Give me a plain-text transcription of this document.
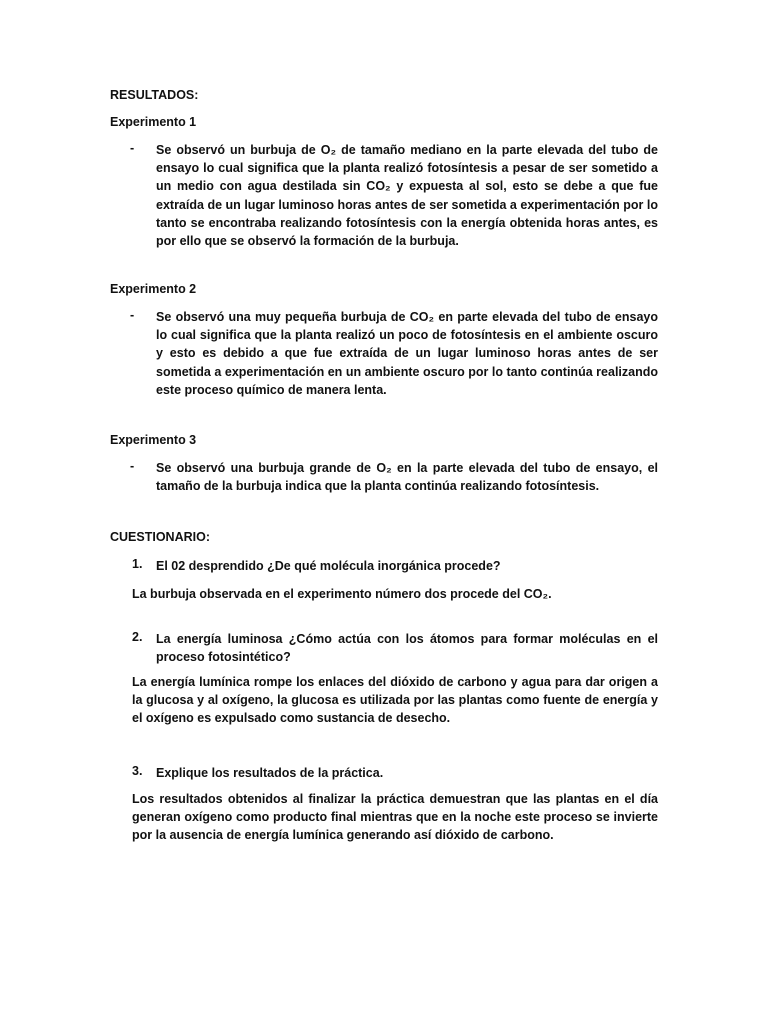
RESULTADOS:

Experimento 1

- Se observó un burbuja de O₂ de tamaño mediano en la parte elevada del tubo de ensayo lo cual significa que la planta realizó fotosíntesis a pesar de ser sometido a un medio con agua destilada sin CO₂ y expuesta al sol, esto se debe a que fue extraída de un lugar luminoso horas antes de ser sometida a experimentación por lo tanto se encontraba realizando fotosíntesis con la energía obtenida horas antes, es por ello que se observó la formación de la burbuja.

Experimento 2

- Se observó una muy pequeña burbuja de CO₂ en parte elevada del tubo de ensayo lo cual significa que la planta realizó un poco de fotosíntesis en el ambiente oscuro y esto es debido a que fue extraída de un lugar luminoso horas antes de ser sometida a experimentación en un ambiente oscuro por lo tanto continúa realizando este proceso químico de manera lenta.

Experimento 3

- Se observó una burbuja grande de O₂ en la parte elevada del tubo de ensayo, el tamaño de la burbuja indica que la planta continúa realizando fotosíntesis.

CUESTIONARIO:

1. El 02 desprendido ¿De qué molécula inorgánica procede?

La burbuja observada en el experimento número dos procede del CO₂.

2. La energía luminosa ¿Cómo actúa con los átomos para formar moléculas en el proceso fotosintético?

La energía lumínica rompe los enlaces del dióxido de carbono y agua para dar origen a la glucosa y al oxígeno, la glucosa es utilizada por las plantas como fuente de energía y el oxígeno es expulsado como sustancia de desecho.

3. Explique los resultados de la práctica.

Los resultados obtenidos al finalizar la práctica demuestran que las plantas en el día generan oxígeno como producto final mientras que en la noche este proceso se invierte por la ausencia de energía lumínica generando así dióxido de carbono.
